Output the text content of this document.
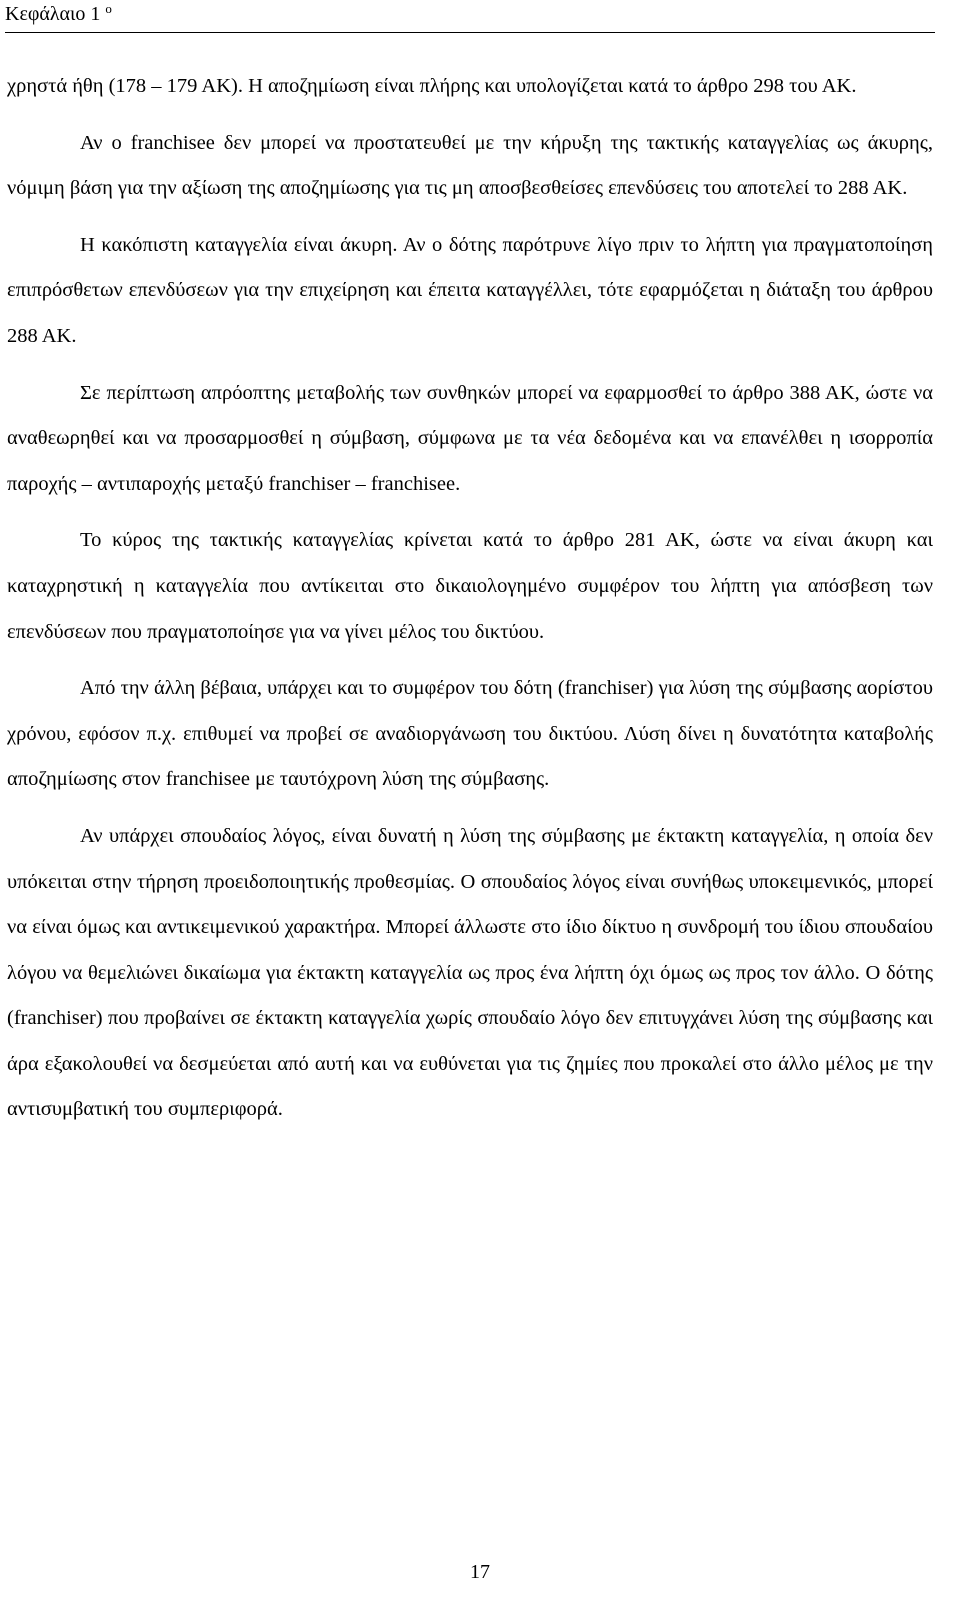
Κεφάλαιο 1 $^o$

χρηστά ήθη (178 – 179 ΑΚ). Η αποζημίωση είναι πλήρης και υπολογίζεται κατά το άρθρο 298 του ΑΚ.

Αν ο franchisee δεν μπορεί να προστατευθεί με την κήρυξη της τακτικής καταγγελίας ως άκυρης, νόμιμη βάση για την αξίωση της αποζημίωσης για τις μη αποσβεσθείσες επενδύσεις του αποτελεί το 288 ΑΚ.

Η κακόπιστη καταγγελία είναι άκυρη. Αν ο δότης παρότρυνε λίγο πριν το λήπτη για πραγματοποίηση επιπρόσθετων επενδύσεων για την επιχείρηση και έπειτα καταγγέλλει, τότε εφαρμόζεται η διάταξη του άρθρου 288 ΑΚ.

Σε περίπτωση απρόοπτης μεταβολής των συνθηκών μπορεί να εφαρμοσθεί το άρθρο 388 ΑΚ, ώστε να αναθεωρηθεί και να προσαρμοσθεί η σύμβαση, σύμφωνα με τα νέα δεδομένα και να επανέλθει η ισορροπία παροχής – αντιπαροχής μεταξύ franchiser – franchisee.

Το κύρος της τακτικής καταγγελίας κρίνεται κατά το άρθρο 281 ΑΚ, ώστε να είναι άκυρη και καταχρηστική η καταγγελία που αντίκειται στο δικαιολογημένο συμφέρον του λήπτη για απόσβεση των επενδύσεων που πραγματοποίησε για να γίνει μέλος του δικτύου.

Από την άλλη βέβαια, υπάρχει και το συμφέρον του δότη (franchiser) για λύση της σύμβασης αορίστου χρόνου, εφόσον π.χ. επιθυμεί να προβεί σε αναδιοργάνωση του δικτύου. Λύση δίνει η δυνατότητα καταβολής αποζημίωσης στον franchisee με ταυτόχρονη λύση της σύμβασης.

Αν υπάρχει σπουδαίος λόγος, είναι δυνατή η λύση της σύμβασης με έκτακτη καταγγελία, η οποία δεν υπόκειται στην τήρηση προειδοποιητικής προθεσμίας. Ο σπουδαίος λόγος είναι συνήθως υποκειμενικός, μπορεί να είναι όμως και αντικειμενικού χαρακτήρα. Μπορεί άλλωστε στο ίδιο δίκτυο η συνδρομή του ίδιου σπουδαίου λόγου να θεμελιώνει δικαίωμα για έκτακτη καταγγελία ως προς ένα λήπτη όχι όμως ως προς τον άλλο. Ο δότης (franchiser) που προβαίνει σε έκτακτη καταγγελία χωρίς σπουδαίο λόγο δεν επιτυγχάνει λύση της σύμβασης και άρα εξακολουθεί να δεσμεύεται από αυτή και να ευθύνεται για τις ζημίες που προκαλεί στο άλλο μέλος με την αντισυμβατική του συμπεριφορά.

17
